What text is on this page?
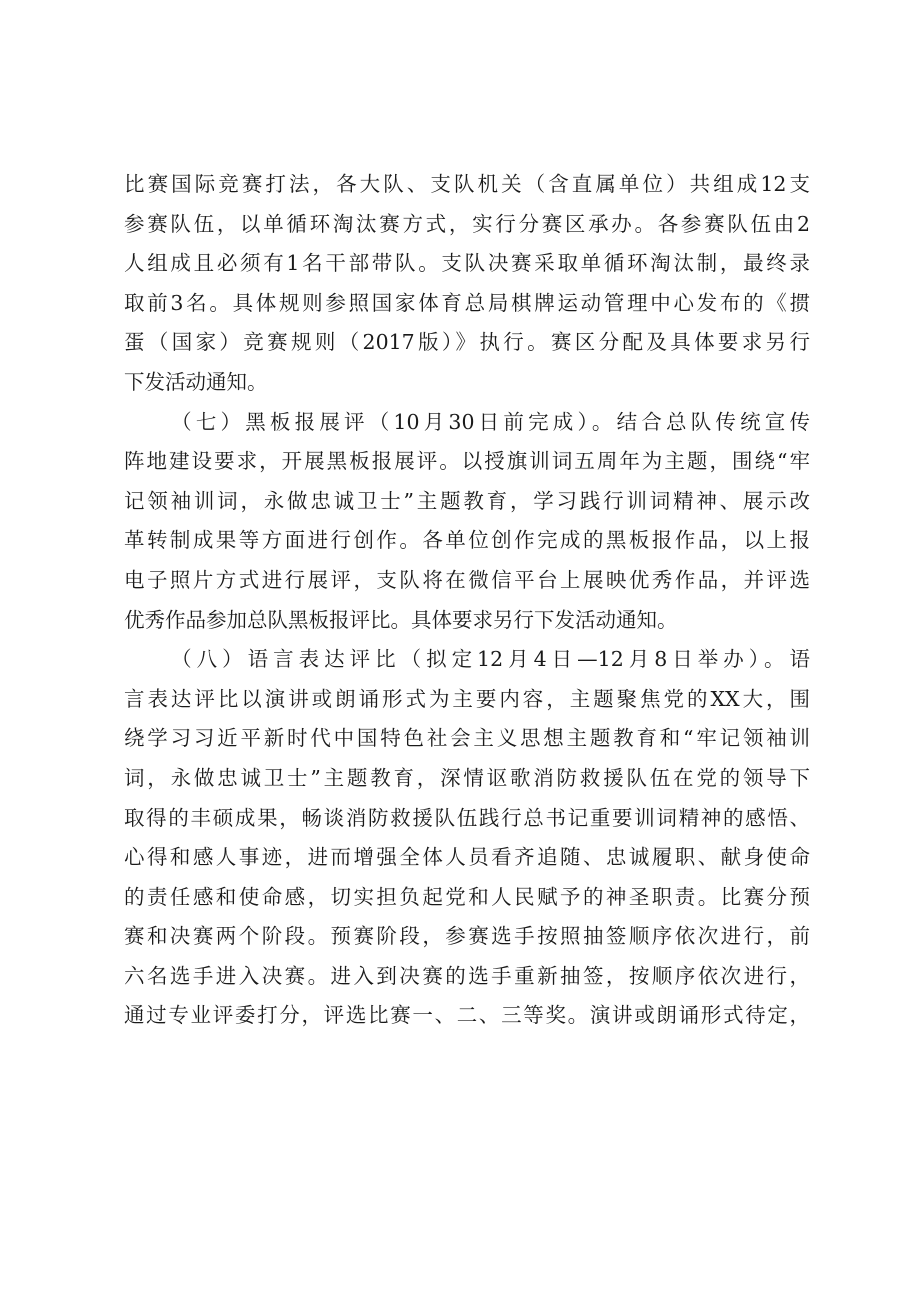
比赛国际竞赛打法，各大队、支队机关（含直属单位）共组成12支
参赛队伍，以单循环淘汰赛方式，实行分赛区承办。各参赛队伍由2
人组成且必须有1名干部带队。支队决赛采取单循环淘汰制，最终录
取前3名。具体规则参照国家体育总局棋牌运动管理中心发布的《掼
蛋（国家）竞赛规则（2017版）》执行。赛区分配及具体要求另行
下发活动通知。
（七）黑板报展评（10月30日前完成）。结合总队传统宣传
阵地建设要求，开展黑板报展评。以授旗训词五周年为主题，围绕“牢
记领袖训词，永做忠诚卫士”主题教育，学习践行训词精神、展示改
革转制成果等方面进行创作。各单位创作完成的黑板报作品，以上报
电子照片方式进行展评，支队将在微信平台上展映优秀作品，并评选
优秀作品参加总队黑板报评比。具体要求另行下发活动通知。
（八）语言表达评比（拟定12月4日—12月8日举办）。语
言表达评比以演讲或朗诵形式为主要内容，主题聚焦党的XX大，围
绕学习习近平新时代中国特色社会主义思想主题教育和“牢记领袖训
词，永做忠诚卫士”主题教育，深情讴歌消防救援队伍在党的领导下
取得的丰硕成果，畅谈消防救援队伍践行总书记重要训词精神的感悟、
心得和感人事迹，进而增强全体人员看齐追随、忠诚履职、献身使命
的责任感和使命感，切实担负起党和人民赋予的神圣职责。比赛分预
赛和决赛两个阶段。预赛阶段，参赛选手按照抽签顺序依次进行，前
六名选手进入决赛。进入到决赛的选手重新抽签，按顺序依次进行，
通过专业评委打分，评选比赛一、二、三等奖。演讲或朗诵形式待定，
